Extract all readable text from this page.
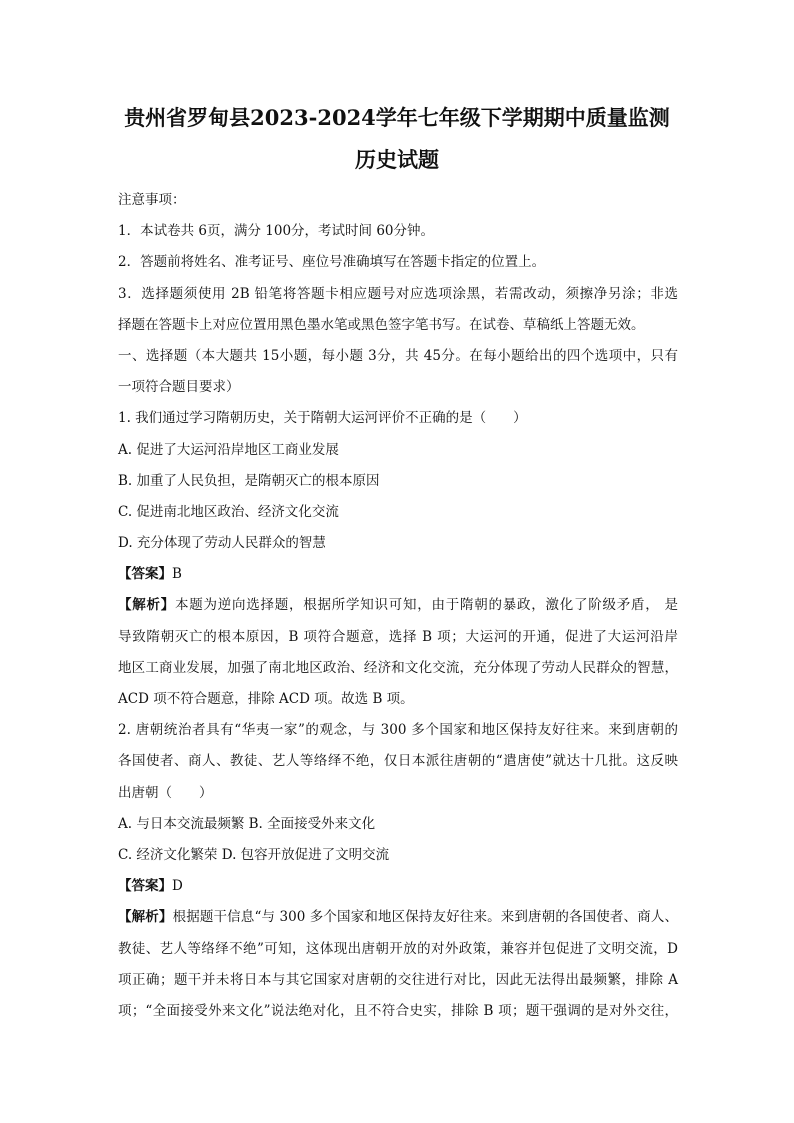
贵州省罗甸县2023-2024学年七年级下学期期中质量监测
历史试题
注意事项：
1．本试卷共 6页，满分 100分，考试时间 60分钟。
2．答题前将姓名、准考证号、座位号准确填写在答题卡指定的位置上。
3．选择题须使用 2B 铅笔将答题卡相应题号对应选项涂黑，若需改动，须擦净另涂；非选
择题在答题卡上对应位置用黑色墨水笔或黑色签字笔书写。在试卷、草稿纸上答题无效。
一、选择题（本大题共 15小题，每小题 3分，共 45分。在每小题给出的四个选项中，只有
一项符合题目要求）
1. 我们通过学习隋朝历史，关于隋朝大运河评价不正确的是（　　）
A. 促进了大运河沿岸地区工商业发展
B. 加重了人民负担，是隋朝灭亡的根本原因
C. 促进南北地区政治、经济文化交流
D. 充分体现了劳动人民群众的智慧
【答案】B
【解析】本题为逆向选择题，根据所学知识可知，由于隋朝的暴政，激化了阶级矛盾， 是
导致隋朝灭亡的根本原因，B 项符合题意，选择 B 项；大运河的开通，促进了大运河沿岸
地区工商业发展，加强了南北地区政治、经济和文化交流，充分体现了劳动人民群众的智慧，
ACD 项不符合题意，排除 ACD 项。故选 B 项。
2. 唐朝统治者具有“华夷一家”的观念，与 300 多个国家和地区保持友好往来。来到唐朝的
各国使者、商人、教徒、艺人等络绎不绝，仅日本派往唐朝的“遣唐使”就达十几批。这反映
出唐朝（　　）
A. 与日本交流最频繁 B. 全面接受外来文化
C. 经济文化繁荣 D. 包容开放促进了文明交流
【答案】D
【解析】根据题干信息“与 300 多个国家和地区保持友好往来。来到唐朝的各国使者、商人、
教徒、艺人等络绎不绝”可知，这体现出唐朝开放的对外政策，兼容并包促进了文明交流，D
项正确；题干并未将日本与其它国家对唐朝的交往进行对比，因此无法得出最频繁，排除 A
项；“全面接受外来文化”说法绝对化，且不符合史实，排除 B 项；题干强调的是对外交往，
